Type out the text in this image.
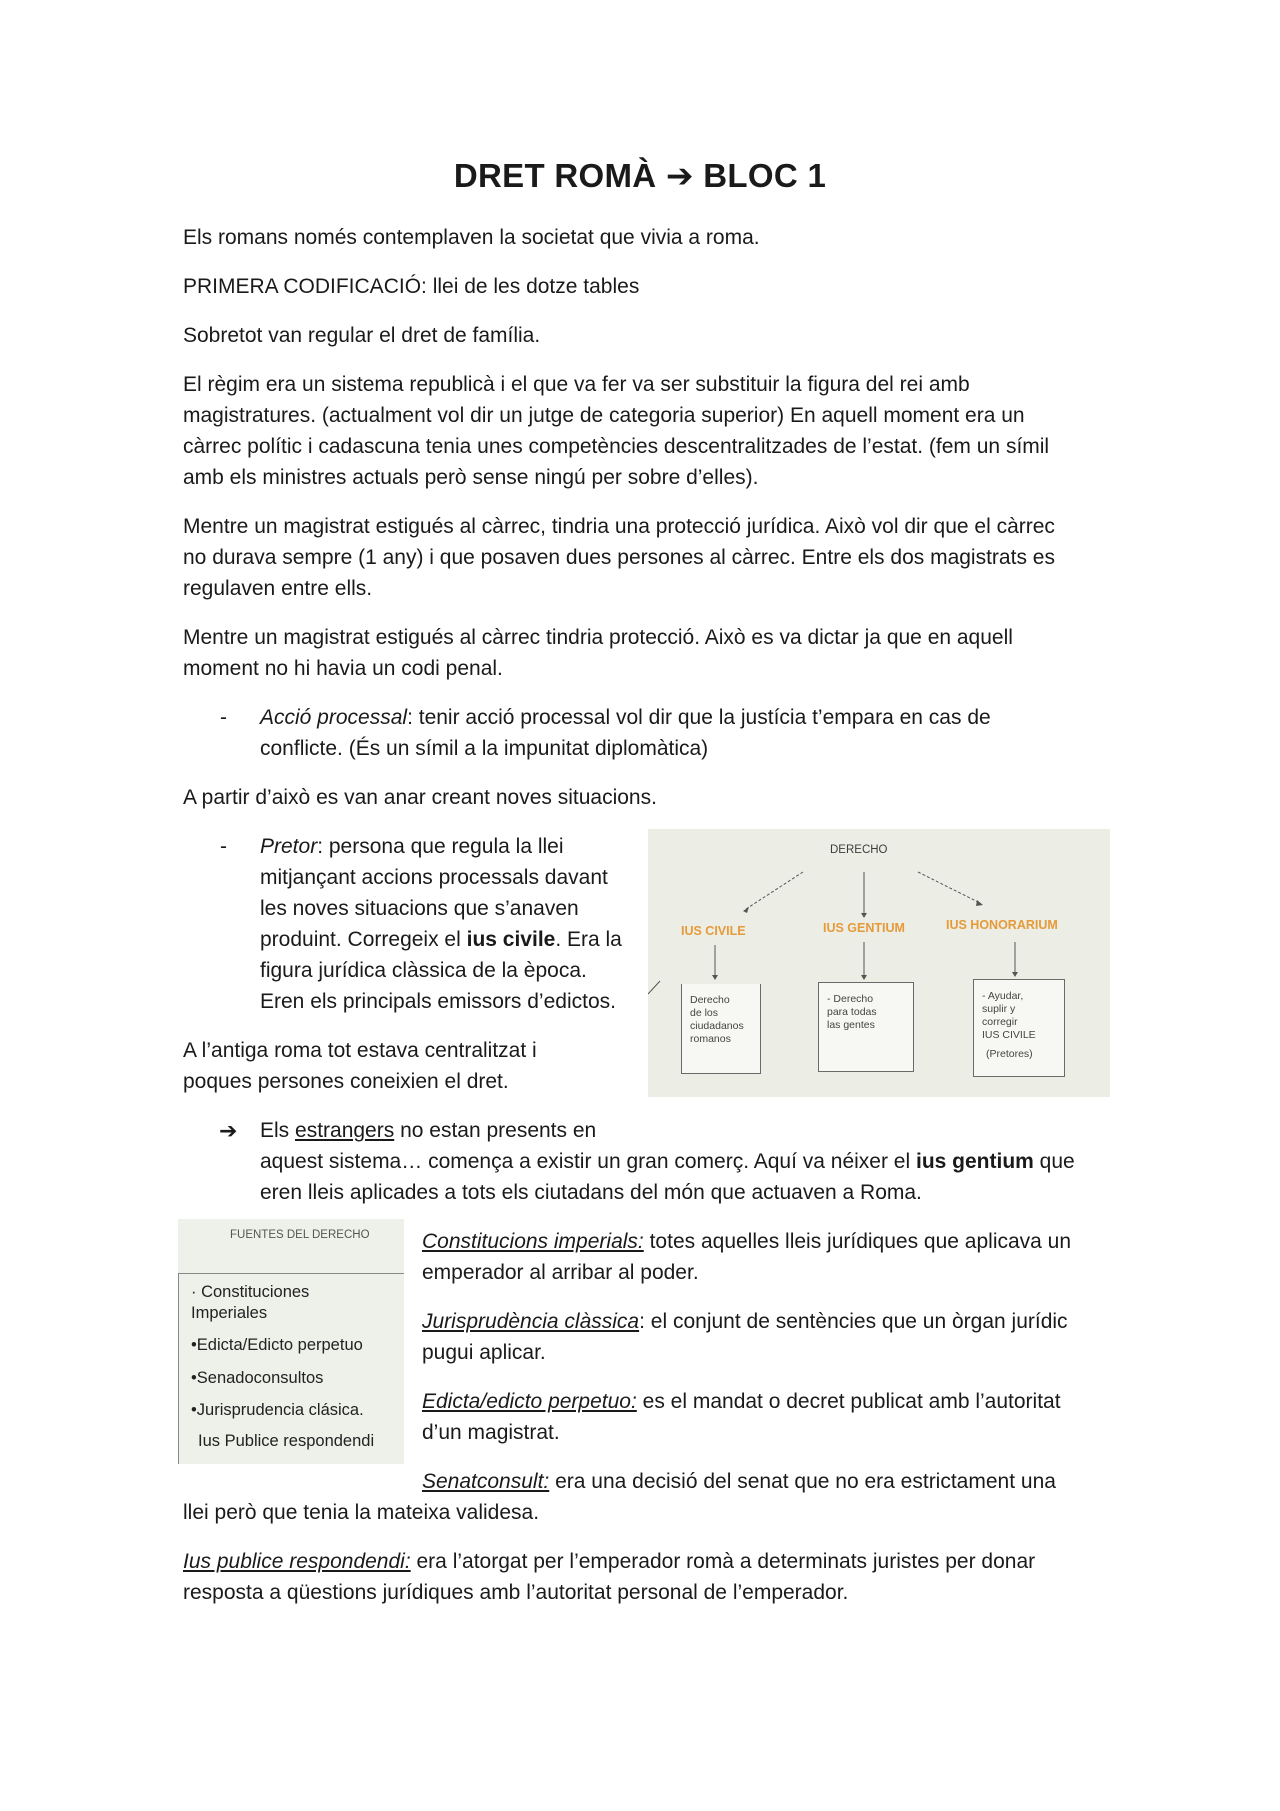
DRET ROMÀ ➔ BLOC 1

Els romans només contemplaven la societat que vivia a roma.

PRIMERA CODIFICACIÓ: llei de les dotze tables

Sobretot van regular el dret de família.

El règim era un sistema republicà i el que va fer va ser substituir la figura del rei amb

magistratures. (actualment vol dir un jutge de categoria superior) En aquell moment era un

càrrec polític i cadascuna tenia unes competències descentralitzades de l’estat. (fem un símil

amb els ministres actuals però sense ningú per sobre d’elles).

Mentre un magistrat estigués al càrrec, tindria una protecció jurídica. Això vol dir que el càrrec

no durava sempre (1 any) i que posaven dues persones al càrrec. Entre els dos magistrats es

regulaven entre ells.

Mentre un magistrat estigués al càrrec tindria protecció. Això es va dictar ja que en aquell

moment no hi havia un codi penal.

- Acció processal: tenir acció processal vol dir que la justícia t’empara en cas de

conflicte. (És un símil a la impunitat diplomàtica)

A partir d’això es van anar creant noves situacions.

- Pretor: persona que regula la llei

mitjançant accions processals davant

les noves situacions que s’anaven

produint. Corregeix el ius civile. Era la

figura jurídica clàssica de la època.

Eren els principals emissors d’edictos.

A l’antiga roma tot estava centralitzat i

poques persones coneixien el dret.

DERECHO
IUS CIVILE	IUS GENTIUM	IUS HONORARIUM
Derecho
de los
ciudadanos
romanos
- Derecho
para todas
las gentes
- Ayudar,
suplir y
corregir
IUS CIVILE
(Pretores)
➔ Els estrangers no estan presents en

aquest sistema… comença a existir un gran comerç. Aquí va néixer el ius gentium que

eren lleis aplicades a tots els ciutadans del món que actuaven a Roma.

FUENTES DEL DERECHO
· Constituciones
Imperiales
•Edicta/Edicto perpetuo
•Senadoconsultos
•Jurisprudencia clásica.
Ius Publice respondendi

Constitucions imperials: totes aquelles lleis jurídiques que aplicava un

emperador al arribar al poder.

Jurisprudència clàssica: el conjunt de sentències que un òrgan jurídic

pugui aplicar.

Edicta/edicto perpetuo: es el mandat o decret publicat amb l’autoritat

d’un magistrat.

Senatconsult: era una decisió del senat que no era estrictament una

llei però que tenia la mateixa validesa.

Ius publice respondendi: era l’atorgat per l’emperador romà a determinats juristes per donar

resposta a qüestions jurídiques amb l’autoritat personal de l’emperador.
